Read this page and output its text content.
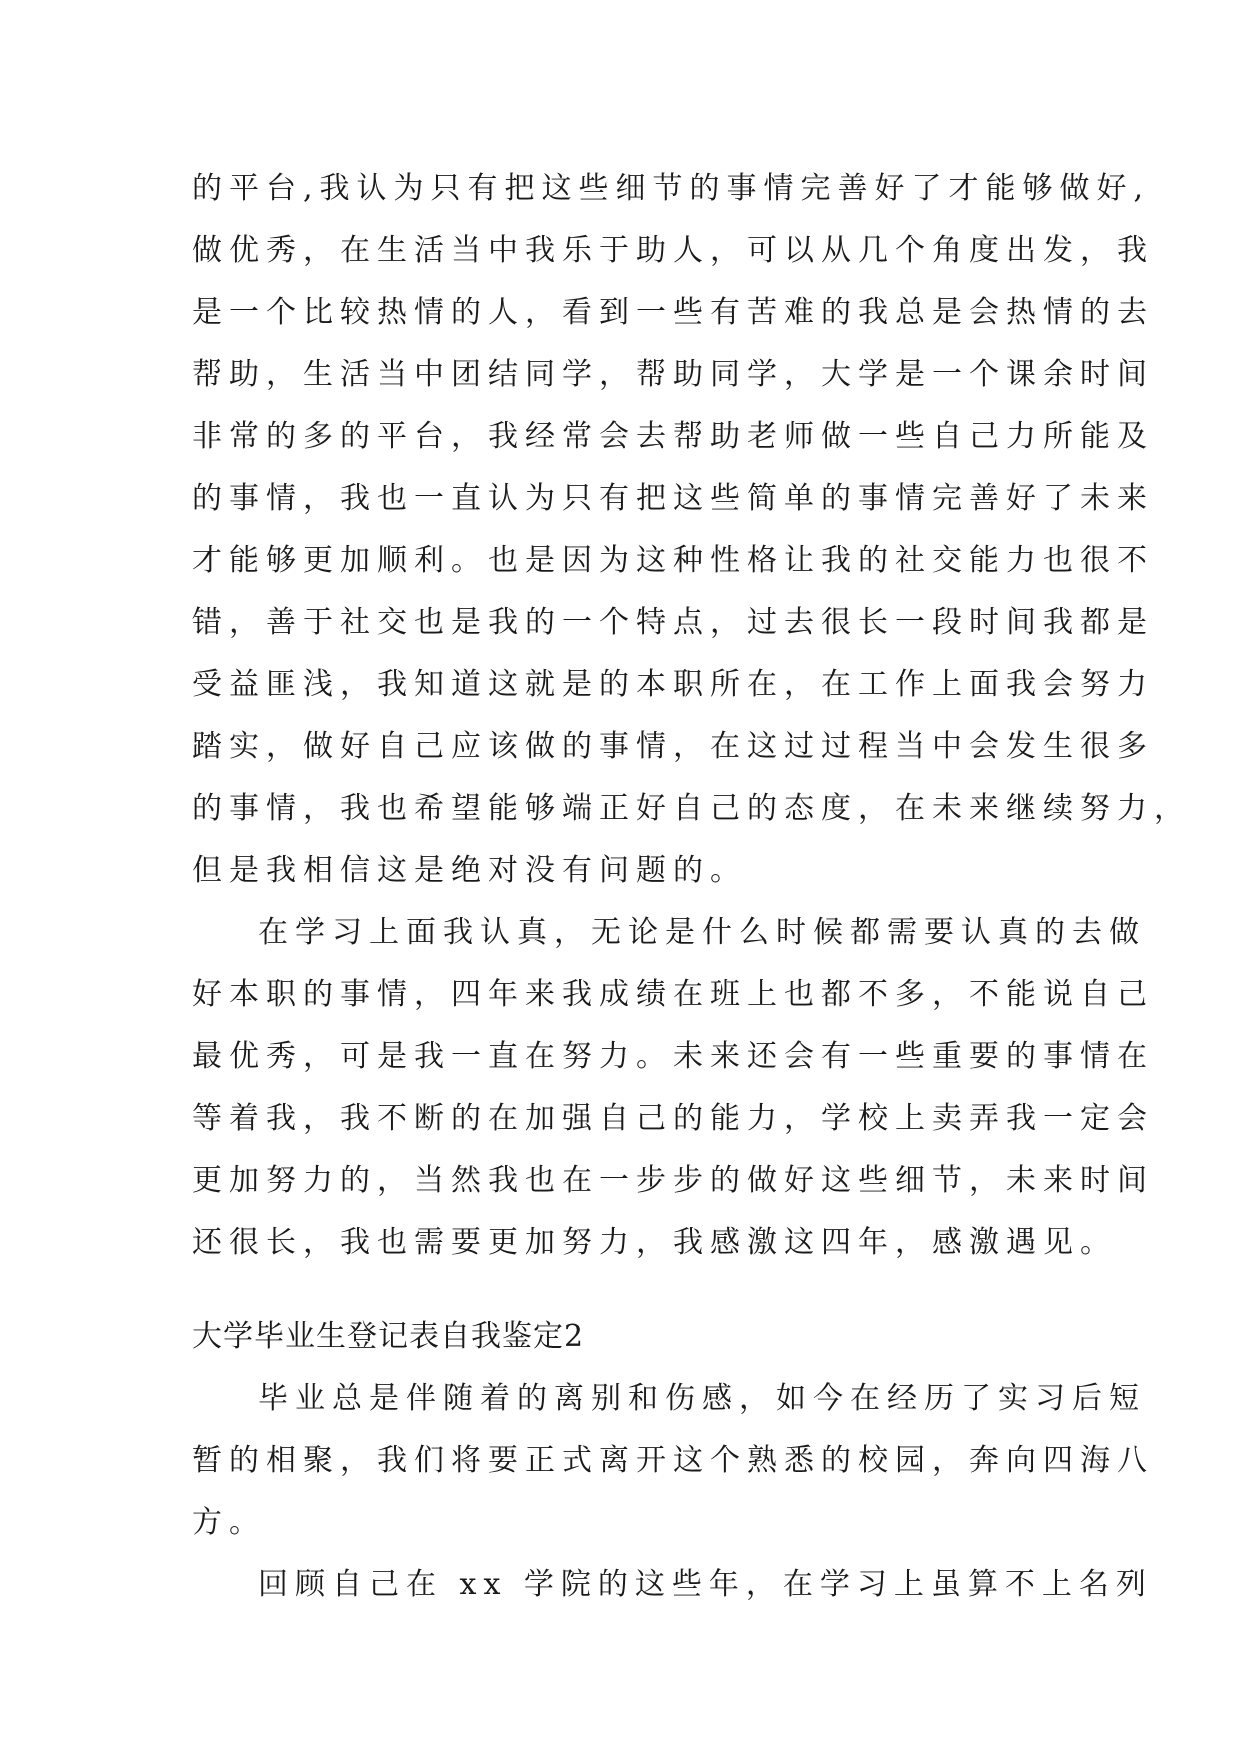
的平台,我认为只有把这些细节的事情完善好了才能够做好,
做优秀，在生活当中我乐于助人，可以从几个角度出发，我
是一个比较热情的人，看到一些有苦难的我总是会热情的去
帮助，生活当中团结同学，帮助同学，大学是一个课余时间
非常的多的平台，我经常会去帮助老师做一些自己力所能及
的事情，我也一直认为只有把这些简单的事情完善好了未来
才能够更加顺利。也是因为这种性格让我的社交能力也很不
错，善于社交也是我的一个特点，过去很长一段时间我都是
受益匪浅，我知道这就是的本职所在，在工作上面我会努力
踏实，做好自己应该做的事情，在这过过程当中会发生很多
的事情，我也希望能够端正好自己的态度，在未来继续努力，
但是我相信这是绝对没有问题的。
在学习上面我认真，无论是什么时候都需要认真的去做
好本职的事情，四年来我成绩在班上也都不多，不能说自己
最优秀，可是我一直在努力。未来还会有一些重要的事情在
等着我，我不断的在加强自己的能力，学校上卖弄我一定会
更加努力的，当然我也在一步步的做好这些细节，未来时间
还很长，我也需要更加努力，我感激这四年，感激遇见。
大学毕业生登记表自我鉴定2
毕业总是伴随着的离别和伤感，如今在经历了实习后短
暂的相聚，我们将要正式离开这个熟悉的校园，奔向四海八
方。
回顾自己在 xx 学院的这些年，在学习上虽算不上名列
